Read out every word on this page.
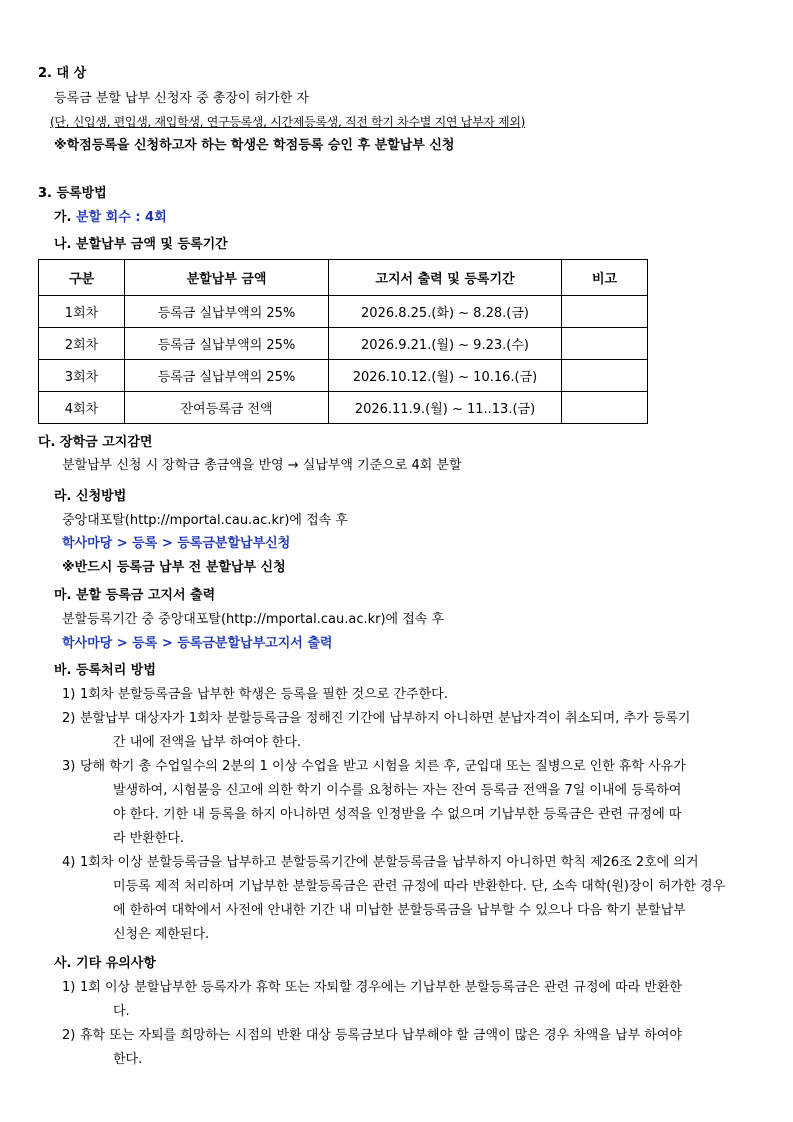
2. 대 상
등록금 분할 납부 신청자 중 총장이 허가한 자
(단, 신입생, 편입생, 재입학생, 연구등록생, 시간제등록생, 직전 학기 차수별 지연 납부자 제외)
※학점등록을 신청하고자 하는 학생은 학점등록 승인 후 분할납부 신청
3. 등록방법
가. 분할 회수 : 4회
나. 분할납부 금액 및 등록기간
구분	분할납부 금액	고지서 출력 및 등록기간	비고
1회차	등록금 실납부액의 25%	2026.8.25.(화) ~ 8.28.(금)	
2회차	등록금 실납부액의 25%	2026.9.21.(월) ~ 9.23.(수)	
3회차	등록금 실납부액의 25%	2026.10.12.(월) ~ 10.16.(금)	
4회차	잔여등록금 전액	2026.11.9.(월) ~ 11..13.(금)	
다. 장학금 고지감면
분할납부 신청 시 장학금 총금액을 반영 → 실납부액 기준으로 4회 분할
라. 신청방법
중앙대포탈(http://mportal.cau.ac.kr)에 접속 후
학사마당 > 등록 > 등록금분할납부신청
※반드시 등록금 납부 전 분할납부 신청
마. 분할 등록금 고지서 출력
분할등록기간 중 중앙대포탈(http://mportal.cau.ac.kr)에 접속 후
학사마당 > 등록 > 등록금분할납부고지서 출력
바. 등록처리 방법
1) 1회차 분할등록금을 납부한 학생은 등록을 필한 것으로 간주한다.
2) 분할납부 대상자가 1회차 분할등록금을 정해진 기간에 납부하지 아니하면 분납자격이 취소되며, 추가 등록기
간 내에 전액을 납부 하여야 한다.
3) 당해 학기 총 수업일수의 2분의 1 이상 수업을 받고 시험을 치른 후, 군입대 또는 질병으로 인한 휴학 사유가
발생하여, 시험불응 신고에 의한 학기 이수를 요청하는 자는 잔여 등록금 전액을 7일 이내에 등록하여
야 한다. 기한 내 등록을 하지 아니하면 성적을 인정받을 수 없으며 기납부한 등록금은 관련 규정에 따
라 반환한다.
4) 1회차 이상 분할등록금을 납부하고 분할등록기간에 분할등록금을 납부하지 아니하면 학칙 제26조 2호에 의거
미등록 제적 처리하며 기납부한 분할등록금은 관련 규정에 따라 반환한다. 단, 소속 대학(원)장이 허가한 경우
에 한하여 대학에서 사전에 안내한 기간 내 미납한 분할등록금을 납부할 수 있으나 다음 학기 분할납부
신청은 제한된다.
사. 기타 유의사항
1) 1회 이상 분할납부한 등록자가 휴학 또는 자퇴할 경우에는 기납부한 분할등록금은 관련 규정에 따라 반환한
다.
2) 휴학 또는 자퇴를 희망하는 시점의 반환 대상 등록금보다 납부해야 할 금액이 많은 경우 차액을 납부 하여야
한다.
